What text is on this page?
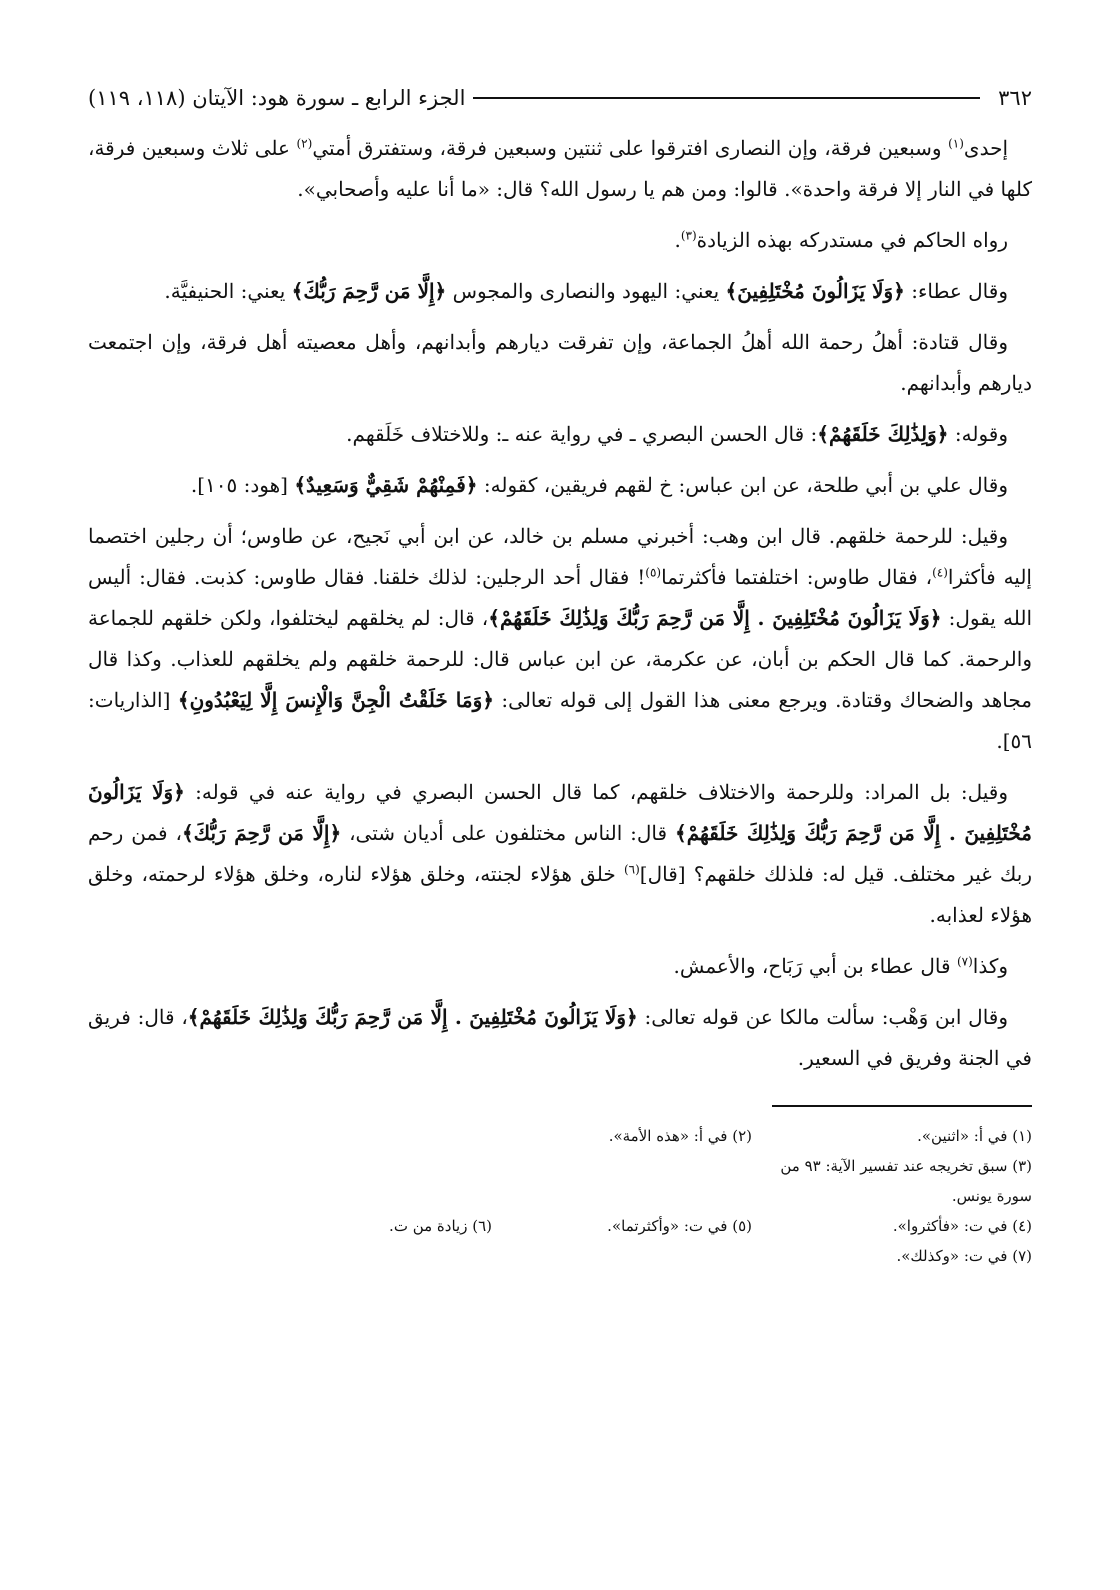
٣٦٢
الجزء الرابع ـ سورة هود: الآيتان (١١٨، ١١٩)

إحدى$^{(١)}$ وسبعين فرقة، وإن النصارى افترقوا على ثنتين وسبعين فرقة، وستفترق أمتي$^{(٢)}$ على ثلاث وسبعين فرقة، كلها في النار إلا فرقة واحدة». قالوا: ومن هم يا رسول الله؟ قال: «ما أنا عليه وأصحابي».

رواه الحاكم في مستدركه بهذه الزيادة$^{(٣)}$.

وقال عطاء: ﴿وَلَا يَزَالُونَ مُخْتَلِفِينَ﴾ يعني: اليهود والنصارى والمجوس ﴿إِلَّا مَن رَّحِمَ رَبُّكَ﴾ يعني: الحنيفيَّة.

وقال قتادة: أهلُ رحمة الله أهلُ الجماعة، وإن تفرقت ديارهم وأبدانهم، وأهل معصيته أهل فرقة، وإن اجتمعت ديارهم وأبدانهم.

وقوله: ﴿وَلِذَٰلِكَ خَلَقَهُمْ﴾: قال الحسن البصري ـ في رواية عنه ـ: وللاختلاف خَلَقهم.

وقال علي بن أبي طلحة، عن ابن عباس: خ لقهم فريقين، كقوله: ﴿فَمِنْهُمْ شَقِيٌّ وَسَعِيدٌ﴾ [هود: ١٠٥].

وقيل: للرحمة خلقهم. قال ابن وهب: أخبرني مسلم بن خالد، عن ابن أبي نَجيح، عن طاوس؛ أن رجلين اختصما إليه فأكثرا$^{(٤)}$، فقال طاوس: اختلفتما فأكثرتما$^{(٥)}$! فقال أحد الرجلين: لذلك خلقنا. فقال طاوس: كذبت. فقال: أليس الله يقول: ﴿وَلَا يَزَالُونَ مُخْتَلِفِينَ . إِلَّا مَن رَّحِمَ رَبُّكَ وَلِذَٰلِكَ خَلَقَهُمْ﴾، قال: لم يخلقهم ليختلفوا، ولكن خلقهم للجماعة والرحمة. كما قال الحكم بن أبان، عن عكرمة، عن ابن عباس قال: للرحمة خلقهم ولم يخلقهم للعذاب. وكذا قال مجاهد والضحاك وقتادة. ويرجع معنى هذا القول إلى قوله تعالى: ﴿وَمَا خَلَقْتُ الْجِنَّ وَالْإِنسَ إِلَّا لِيَعْبُدُونِ﴾ [الذاريات: ٥٦].

وقيل: بل المراد: وللرحمة والاختلاف خلقهم، كما قال الحسن البصري في رواية عنه في قوله: ﴿وَلَا يَزَالُونَ مُخْتَلِفِينَ . إِلَّا مَن رَّحِمَ رَبُّكَ وَلِذَٰلِكَ خَلَقَهُمْ﴾ قال: الناس مختلفون على أديان شتى، ﴿إِلَّا مَن رَّحِمَ رَبُّكَ﴾، فمن رحم ربك غير مختلف. قيل له: فلذلك خلقهم؟ [قال]$^{(٦)}$ خلق هؤلاء لجنته، وخلق هؤلاء لناره، وخلق هؤلاء لرحمته، وخلق هؤلاء لعذابه.

وكذا$^{(٧)}$ قال عطاء بن أبي رَبَاح، والأعمش.

وقال ابن وَهْب: سألت مالكا عن قوله تعالى: ﴿وَلَا يَزَالُونَ مُخْتَلِفِينَ . إِلَّا مَن رَّحِمَ رَبُّكَ وَلِذَٰلِكَ خَلَقَهُمْ﴾، قال: فريق في الجنة وفريق في السعير.

(١) في أ: «اثنين».
(٢) في أ: «هذه الأمة».
(٣) سبق تخريجه عند تفسير الآية: ٩٣ من سورة يونس.
(٤) في ت: «فأكثروا».
(٥) في ت: «وأكثرتما».
(٦) زيادة من ت.
(٧) في ت: «وكذلك».
